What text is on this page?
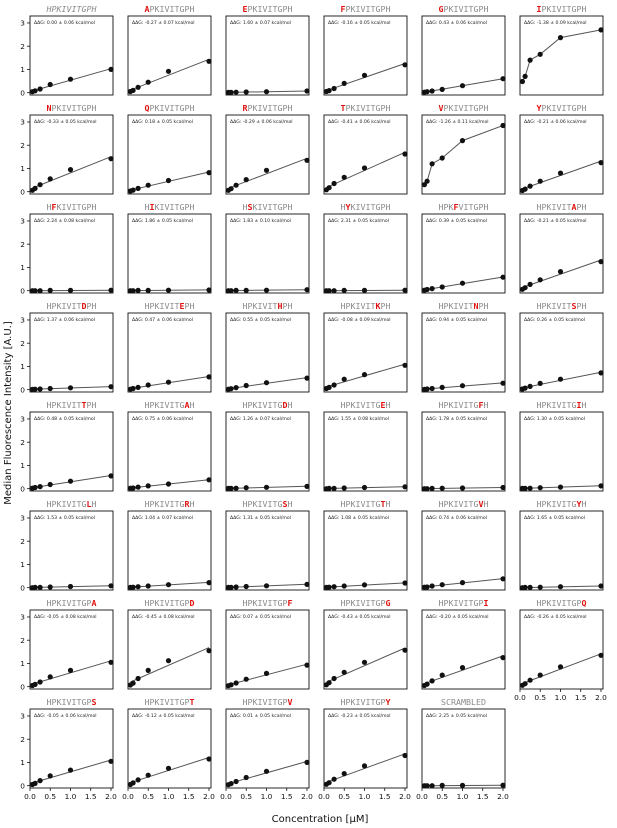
Median Fluorescence Intensity [A.U.]
Concentration [µM]
HPKIVITGPH
ΔΔG: 0.00 ± 0.06 kcal/mol
0
1
2
3
APKIVITGPH
ΔΔG: -0.27 ± 0.07 kcal/mol
EPKIVITGPH
ΔΔG: 1.60 ± 0.07 kcal/mol
FPKIVITGPH
ΔΔG: -0.16 ± 0.05 kcal/mol
GPKIVITGPH
ΔΔG: 0.43 ± 0.06 kcal/mol
IPKIVITGPH
ΔΔG: -1.38 ± 0.09 kcal/mol
NPKIVITGPH
ΔΔG: -0.33 ± 0.05 kcal/mol
0
1
2
3
QPKIVITGPH
ΔΔG: 0.18 ± 0.05 kcal/mol
RPKIVITGPH
ΔΔG: -0.29 ± 0.06 kcal/mol
TPKIVITGPH
ΔΔG: -0.41 ± 0.06 kcal/mol
VPKIVITGPH
ΔΔG: -1.26 ± 0.11 kcal/mol
YPKIVITGPH
ΔΔG: -0.21 ± 0.06 kcal/mol
HFKIVITGPH
ΔΔG: 2.24 ± 0.08 kcal/mol
0
1
2
3
HIKIVITGPH
ΔΔG: 1.86 ± 0.05 kcal/mol
HSKIVITGPH
ΔΔG: 1.83 ± 0.10 kcal/mol
HYKIVITGPH
ΔΔG: 2.31 ± 0.05 kcal/mol
HPKFVITGPH
ΔΔG: 0.39 ± 0.05 kcal/mol
HPKIVITAPH
ΔΔG: -0.21 ± 0.05 kcal/mol
HPKIVITDPH
ΔΔG: 1.37 ± 0.06 kcal/mol
0
1
2
3
HPKIVITEPH
ΔΔG: 0.47 ± 0.06 kcal/mol
HPKIVITHPH
ΔΔG: 0.55 ± 0.05 kcal/mol
HPKIVITKPH
ΔΔG: -0.08 ± 0.09 kcal/mol
HPKIVITNPH
ΔΔG: 0.94 ± 0.05 kcal/mol
HPKIVITSPH
ΔΔG: 0.26 ± 0.05 kcal/mol
HPKIVITTPH
ΔΔG: 0.48 ± 0.05 kcal/mol
0
1
2
3
HPKIVITGAH
ΔΔG: 0.75 ± 0.06 kcal/mol
HPKIVITGDH
ΔΔG: 1.26 ± 0.07 kcal/mol
HPKIVITGEH
ΔΔG: 1.55 ± 0.08 kcal/mol
HPKIVITGFH
ΔΔG: 1.78 ± 0.05 kcal/mol
HPKIVITGIH
ΔΔG: 1.30 ± 0.05 kcal/mol
HPKIVITGLH
ΔΔG: 1.53 ± 0.05 kcal/mol
0
1
2
3
HPKIVITGRH
ΔΔG: 1.04 ± 0.07 kcal/mol
HPKIVITGSH
ΔΔG: 1.31 ± 0.05 kcal/mol
HPKIVITGTH
ΔΔG: 1.08 ± 0.05 kcal/mol
HPKIVITGVH
ΔΔG: 0.74 ± 0.06 kcal/mol
HPKIVITGYH
ΔΔG: 1.65 ± 0.05 kcal/mol
HPKIVITGPA
ΔΔG: -0.05 ± 0.08 kcal/mol
0
1
2
3
HPKIVITGPD
ΔΔG: -0.45 ± 0.08 kcal/mol
HPKIVITGPF
ΔΔG: 0.07 ± 0.05 kcal/mol
HPKIVITGPG
ΔΔG: -0.43 ± 0.05 kcal/mol
HPKIVITGPI
ΔΔG: -0.20 ± 0.05 kcal/mol
HPKIVITGPQ
ΔΔG: -0.26 ± 0.05 kcal/mol
0.0 0.5 1.0 1.5 2.0
HPKIVITGPS
ΔΔG: -0.05 ± 0.06 kcal/mol
0
1
2
3
0.0 0.5 1.0 1.5 2.0
HPKIVITGPT
ΔΔG: -0.12 ± 0.05 kcal/mol
0.0 0.5 1.0 1.5 2.0
HPKIVITGPV
ΔΔG: 0.01 ± 0.05 kcal/mol
0.0 0.5 1.0 1.5 2.0
HPKIVITGPY
ΔΔG: -0.23 ± 0.05 kcal/mol
0.0 0.5 1.0 1.5 2.0
SCRAMBLED
ΔΔG: 2.25 ± 0.05 kcal/mol
0.0 0.5 1.0 1.5 2.0
